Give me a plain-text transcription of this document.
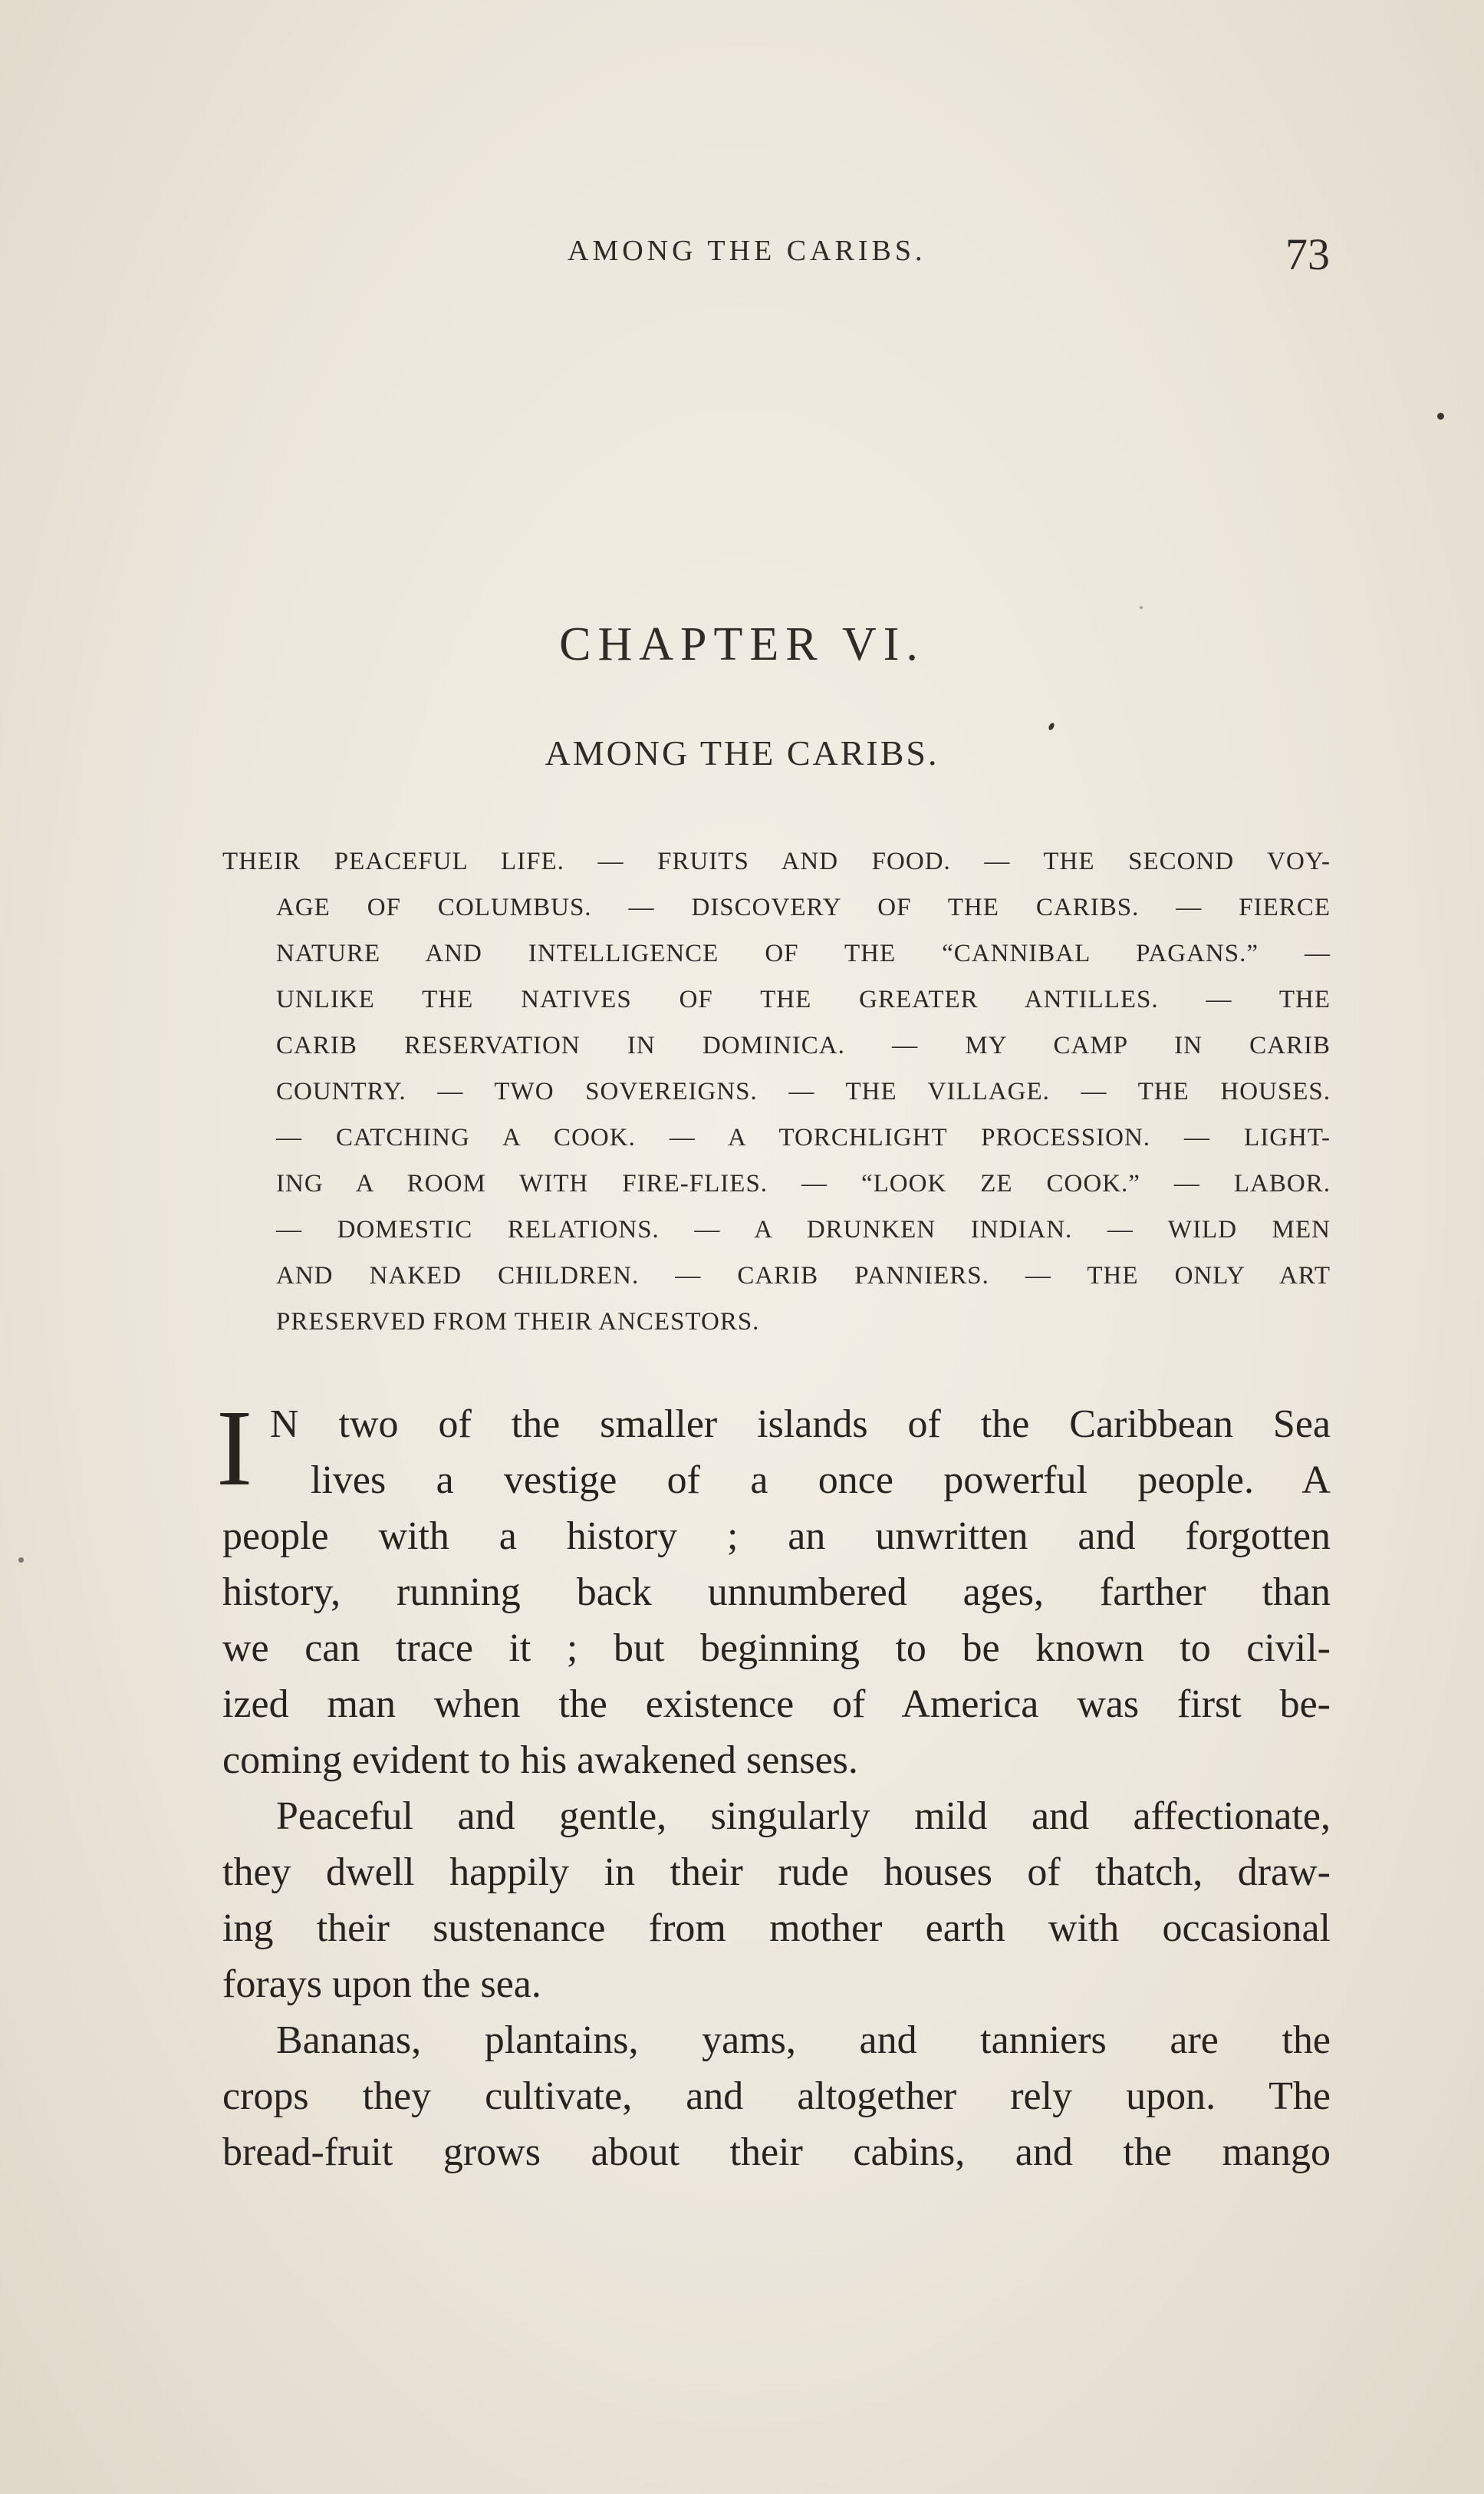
AMONG THE CARIBS.	73
CHAPTER VI.
AMONG THE CARIBS.
THEIR PEACEFUL LIFE. — FRUITS AND FOOD. — THE SECOND VOY-
AGE OF COLUMBUS. — DISCOVERY OF THE CARIBS. — FIERCE
NATURE AND INTELLIGENCE OF THE “CANNIBAL PAGANS.” —
UNLIKE THE NATIVES OF THE GREATER ANTILLES. — THE
CARIB RESERVATION IN DOMINICA. — MY CAMP IN CARIB
COUNTRY. — TWO SOVEREIGNS. — THE VILLAGE. — THE HOUSES.
— CATCHING A COOK. — A TORCHLIGHT PROCESSION. — LIGHT-
ING A ROOM WITH FIRE-FLIES. — “LOOK ZE COOK.” — LABOR.
— DOMESTIC RELATIONS. — A DRUNKEN INDIAN. — WILD MEN
AND NAKED CHILDREN. — CARIB PANNIERS. — THE ONLY ART
PRESERVED FROM THEIR ANCESTORS.
I N two of the smaller islands of the Caribbean Sea
lives a vestige of a once powerful people. A
people with a history ; an unwritten and forgotten
history, running back unnumbered ages, farther than
we can trace it ; but beginning to be known to civil-
ized man when the existence of America was first be-
coming evident to his awakened senses.
Peaceful and gentle, singularly mild and affectionate,
they dwell happily in their rude houses of thatch, draw-
ing their sustenance from mother earth with occasional
forays upon the sea.
Bananas, plantains, yams, and tanniers are the
crops they cultivate, and altogether rely upon. The
bread-fruit grows about their cabins, and the mango
